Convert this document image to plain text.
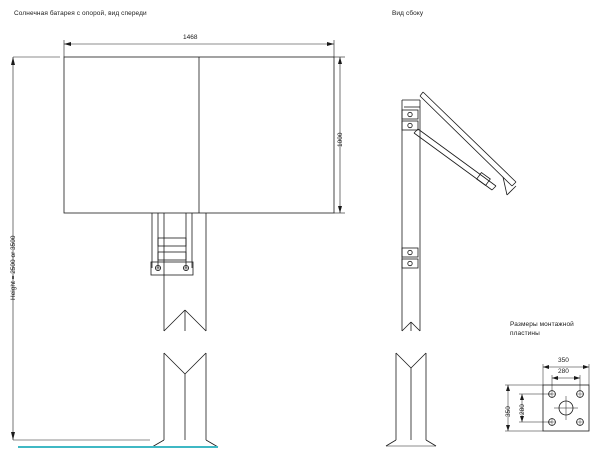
Солнечная батарея с опорой, вид спереди	Вид сбоку
Размеры монтажной
пластины
1468
1000
Height = 2500 or 3500
350
280
350 280
